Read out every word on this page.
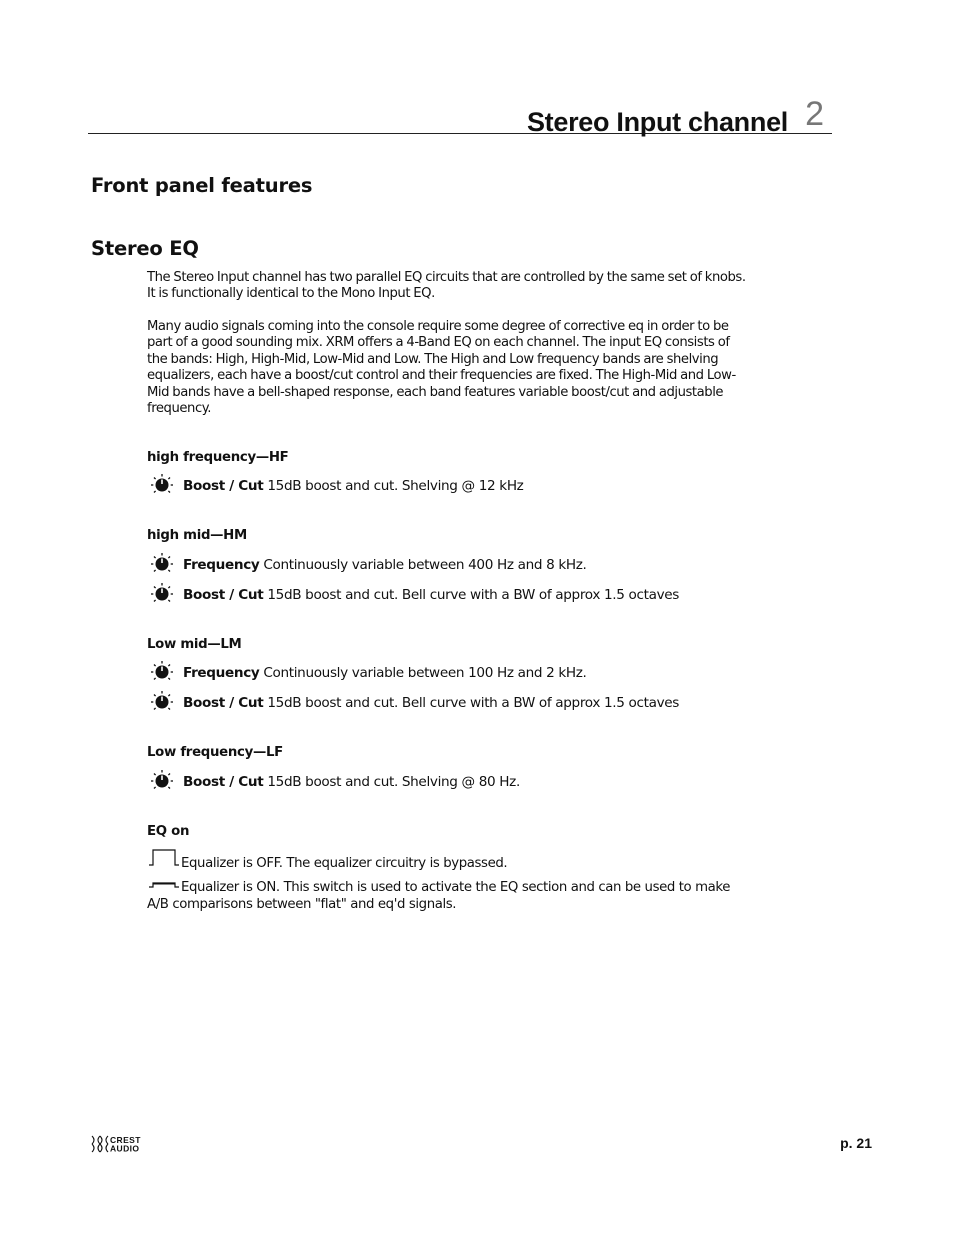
Stereo Input channel 2
Front panel features
Stereo EQ
The Stereo Input channel has two parallel EQ circuits that are controlled by the same set of knobs. It is functionally identical to the Mono Input EQ.
Many audio signals coming into the console require some degree of corrective eq in order to be part of a good sounding mix. XRM offers a 4-Band EQ on each channel. The input EQ consists of the bands: High, High-Mid, Low-Mid and Low. The High and Low frequency bands are shelving equalizers, each have a boost/cut control and their frequencies are fixed. The High-Mid and Low-Mid bands have a bell-shaped response, each band features variable boost/cut and adjustable frequency.
high frequency—HF
Boost / Cut 15dB boost and cut. Shelving @ 12 kHz
high mid—HM
Frequency Continuously variable between 400 Hz and 8 kHz.
Boost / Cut 15dB boost and cut. Bell curve with a BW of approx 1.5 octaves
Low mid—LM
Frequency Continuously variable between 100 Hz and 2 kHz.
Boost / Cut 15dB boost and cut. Bell curve with a BW of approx 1.5 octaves
Low frequency—LF
Boost / Cut 15dB boost and cut. Shelving @ 80 Hz.
EQ on
Equalizer is OFF. The equalizer circuitry is bypassed.
Equalizer is ON. This switch is used to activate the EQ section and can be used to make A/B comparisons between "flat" and eq'd signals.
CREST
AUDIO	p. 21
